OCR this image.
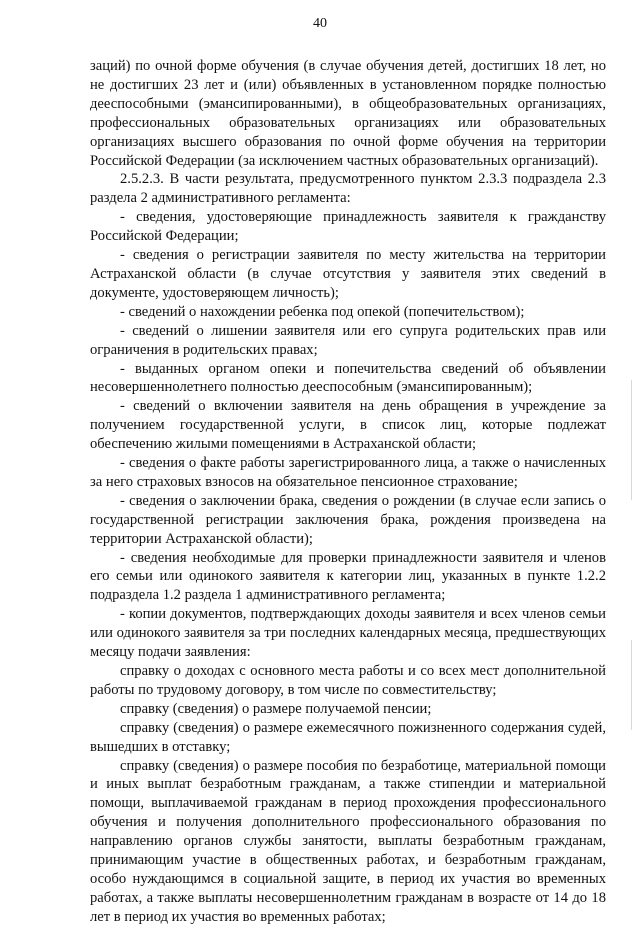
40

заций) по очной форме обучения (в случае обучения детей, достигших 18 лет, но не достигших 23 лет и (или) объявленных в установленном порядке полностью дееспособными (эмансипированными), в общеобразовательных организациях, профессиональных образовательных организациях или образовательных организациях высшего образования по очной форме обучения на территории Российской Федерации (за исключением частных образовательных организаций).

2.5.2.3. В части результата, предусмотренного пунктом 2.3.3 подраздела 2.3 раздела 2 административного регламента:

- сведения, удостоверяющие принадлежность заявителя к гражданству Российской Федерации;

- сведения о регистрации заявителя по месту жительства на территории Астраханской области (в случае отсутствия у заявителя этих сведений в документе, удостоверяющем личность);

- сведений о нахождении ребенка под опекой (попечительством);

- сведений о лишении заявителя или его супруга родительских прав или ограничения в родительских правах;

- выданных органом опеки и попечительства сведений об объявлении несовершеннолетнего полностью дееспособным (эмансипированным);

- сведений о включении заявителя на день обращения в учреждение за получением государственной услуги, в список лиц, которые подлежат обеспечению жилыми помещениями в Астраханской области;

- сведения о факте работы зарегистрированного лица, а также о начисленных за него страховых взносов на обязательное пенсионное страхование;

- сведения о заключении брака, сведения о рождении (в случае если запись о государственной регистрации заключения брака, рождения произведена на территории Астраханской области);

- сведения необходимые для проверки принадлежности заявителя и членов его семьи или одинокого заявителя к категории лиц, указанных в пункте 1.2.2 подраздела 1.2 раздела 1 административного регламента;

- копии документов, подтверждающих доходы заявителя и всех членов семьи или одинокого заявителя за три последних календарных месяца, предшествующих месяцу подачи заявления:

справку о доходах с основного места работы и со всех мест дополнительной работы по трудовому договору, в том числе по совместительству;

справку (сведения) о размере получаемой пенсии;

справку (сведения) о размере ежемесячного пожизненного содержания судей, вышедших в отставку;

справку (сведения) о размере пособия по безработице, материальной помощи и иных выплат безработным гражданам, а также стипендии и материальной помощи, выплачиваемой гражданам в период прохождения профессионального обучения и получения дополнительного профессионального образования по направлению органов службы занятости, выплаты безработным гражданам, принимающим участие в общественных работах, и безработным гражданам, особо нуждающимся в социальной защите, в период их участия во временных работах, а также выплаты несовершеннолетним гражданам в возрасте от 14 до 18 лет в период их участия во временных работах;
